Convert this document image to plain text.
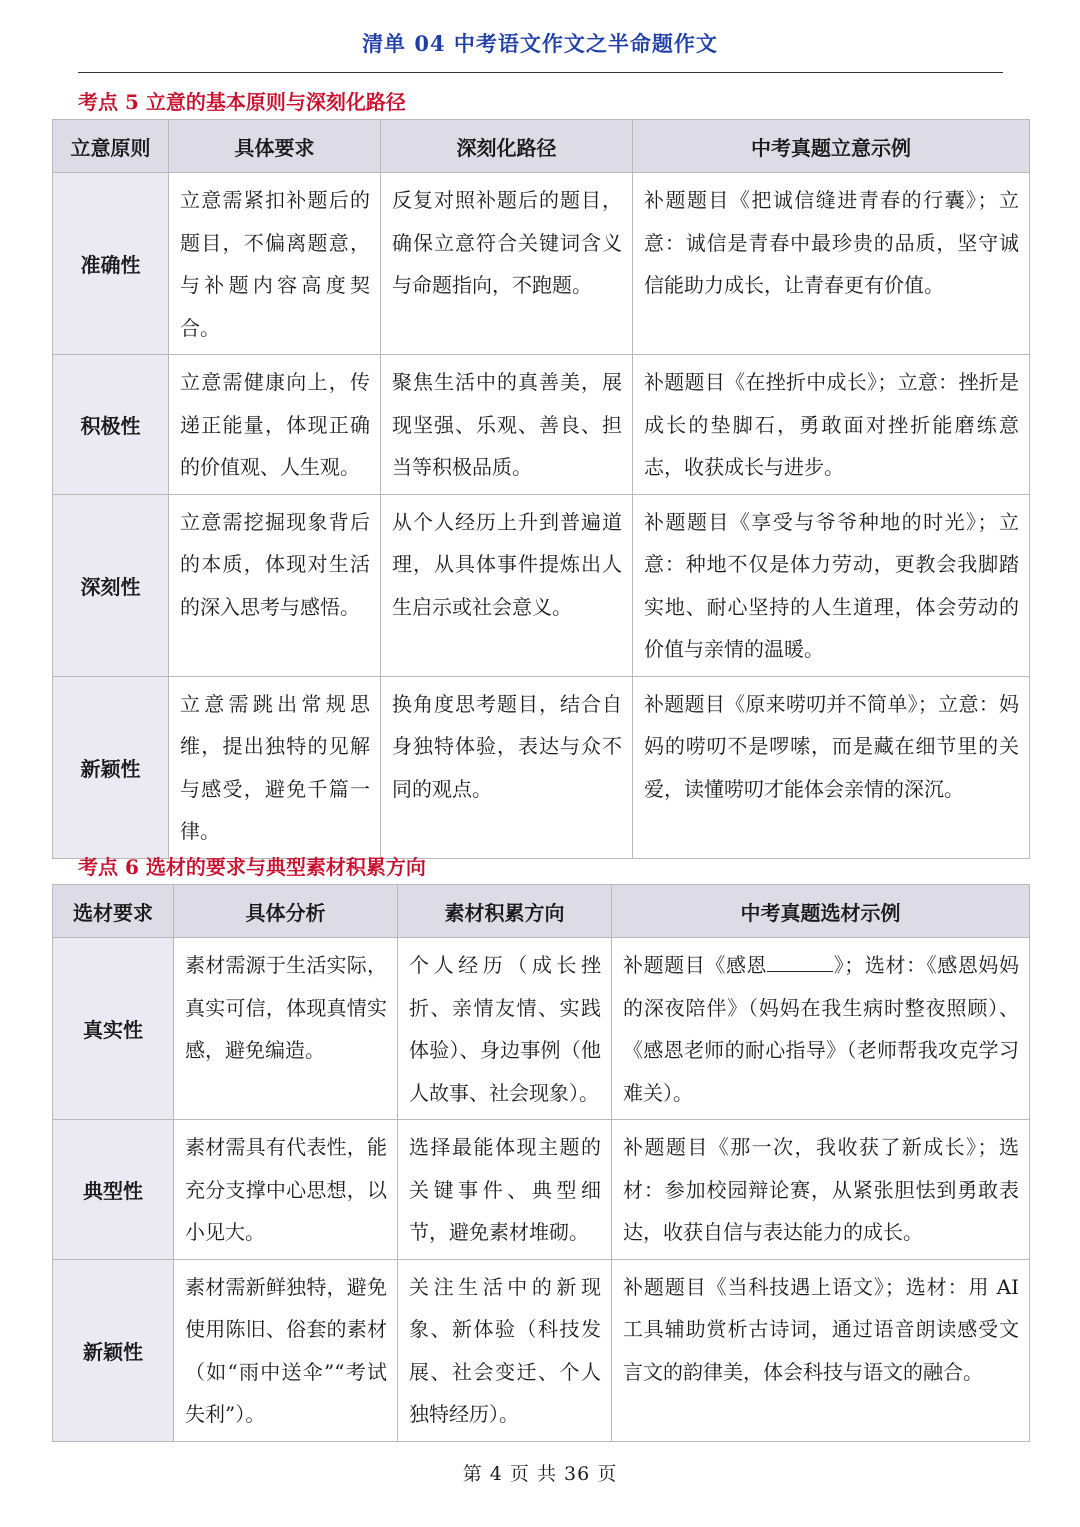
清单 04 中考语文作文之半命题作文
考点 5 立意的基本原则与深刻化路径
立意原则	具体要求	深刻化路径	中考真题立意示例
准确性	立意需紧扣补题后的题目，不偏离题意，与补题内容高度契合。	反复对照补题后的题目，确保立意符合关键词含义与命题指向，不跑题。	补题题目《把诚信缝进青春的行囊》；立意：诚信是青春中最珍贵的品质，坚守诚信能助力成长，让青春更有价值。
积极性	立意需健康向上，传递正能量，体现正确的价值观、人生观。	聚焦生活中的真善美，展现坚强、乐观、善良、担当等积极品质。	补题题目《在挫折中成长》；立意：挫折是成长的垫脚石，勇敢面对挫折能磨练意志，收获成长与进步。
深刻性	立意需挖掘现象背后的本质，体现对生活的深入思考与感悟。	从个人经历上升到普遍道理，从具体事件提炼出人生启示或社会意义。	补题题目《享受与爷爷种地的时光》；立意：种地不仅是体力劳动，更教会我脚踏实地、耐心坚持的人生道理，体会劳动的价值与亲情的温暖。
新颖性	立意需跳出常规思维，提出独特的见解与感受，避免千篇一律。	换角度思考题目，结合自身独特体验，表达与众不同的观点。	补题题目《原来唠叨并不简单》；立意：妈妈的唠叨不是啰嗦，而是藏在细节里的关爱，读懂唠叨才能体会亲情的深沉。
考点 6 选材的要求与典型素材积累方向
选材要求	具体分析	素材积累方向	中考真题选材示例
真实性	素材需源于生活实际，真实可信，体现真情实感，避免编造。	个人经历（成长挫折、亲情友情、实践体验）、身边事例（他人故事、社会现象）。	补题题目《感恩 》；选材：《感恩妈妈的深夜陪伴》（妈妈在我生病时整夜照顾）、《感恩老师的耐心指导》（老师帮我攻克学习难关）。
典型性	素材需具有代表性，能充分支撑中心思想，以小见大。	选择最能体现主题的关键事件、典型细节，避免素材堆砌。	补题题目《那一次，我收获了新成长》；选材：参加校园辩论赛，从紧张胆怯到勇敢表达，收获自信与表达能力的成长。
新颖性	素材需新鲜独特，避免使用陈旧、俗套的素材（如“雨中送伞”“考试失利”）。	关注生活中的新现象、新体验（科技发展、社会变迁、个人独特经历）。	补题题目《当科技遇上语文》；选材：用 AI 工具辅助赏析古诗词，通过语音朗读感受文言文的韵律美，体会科技与语文的融合。
第 4 页 共 36 页
